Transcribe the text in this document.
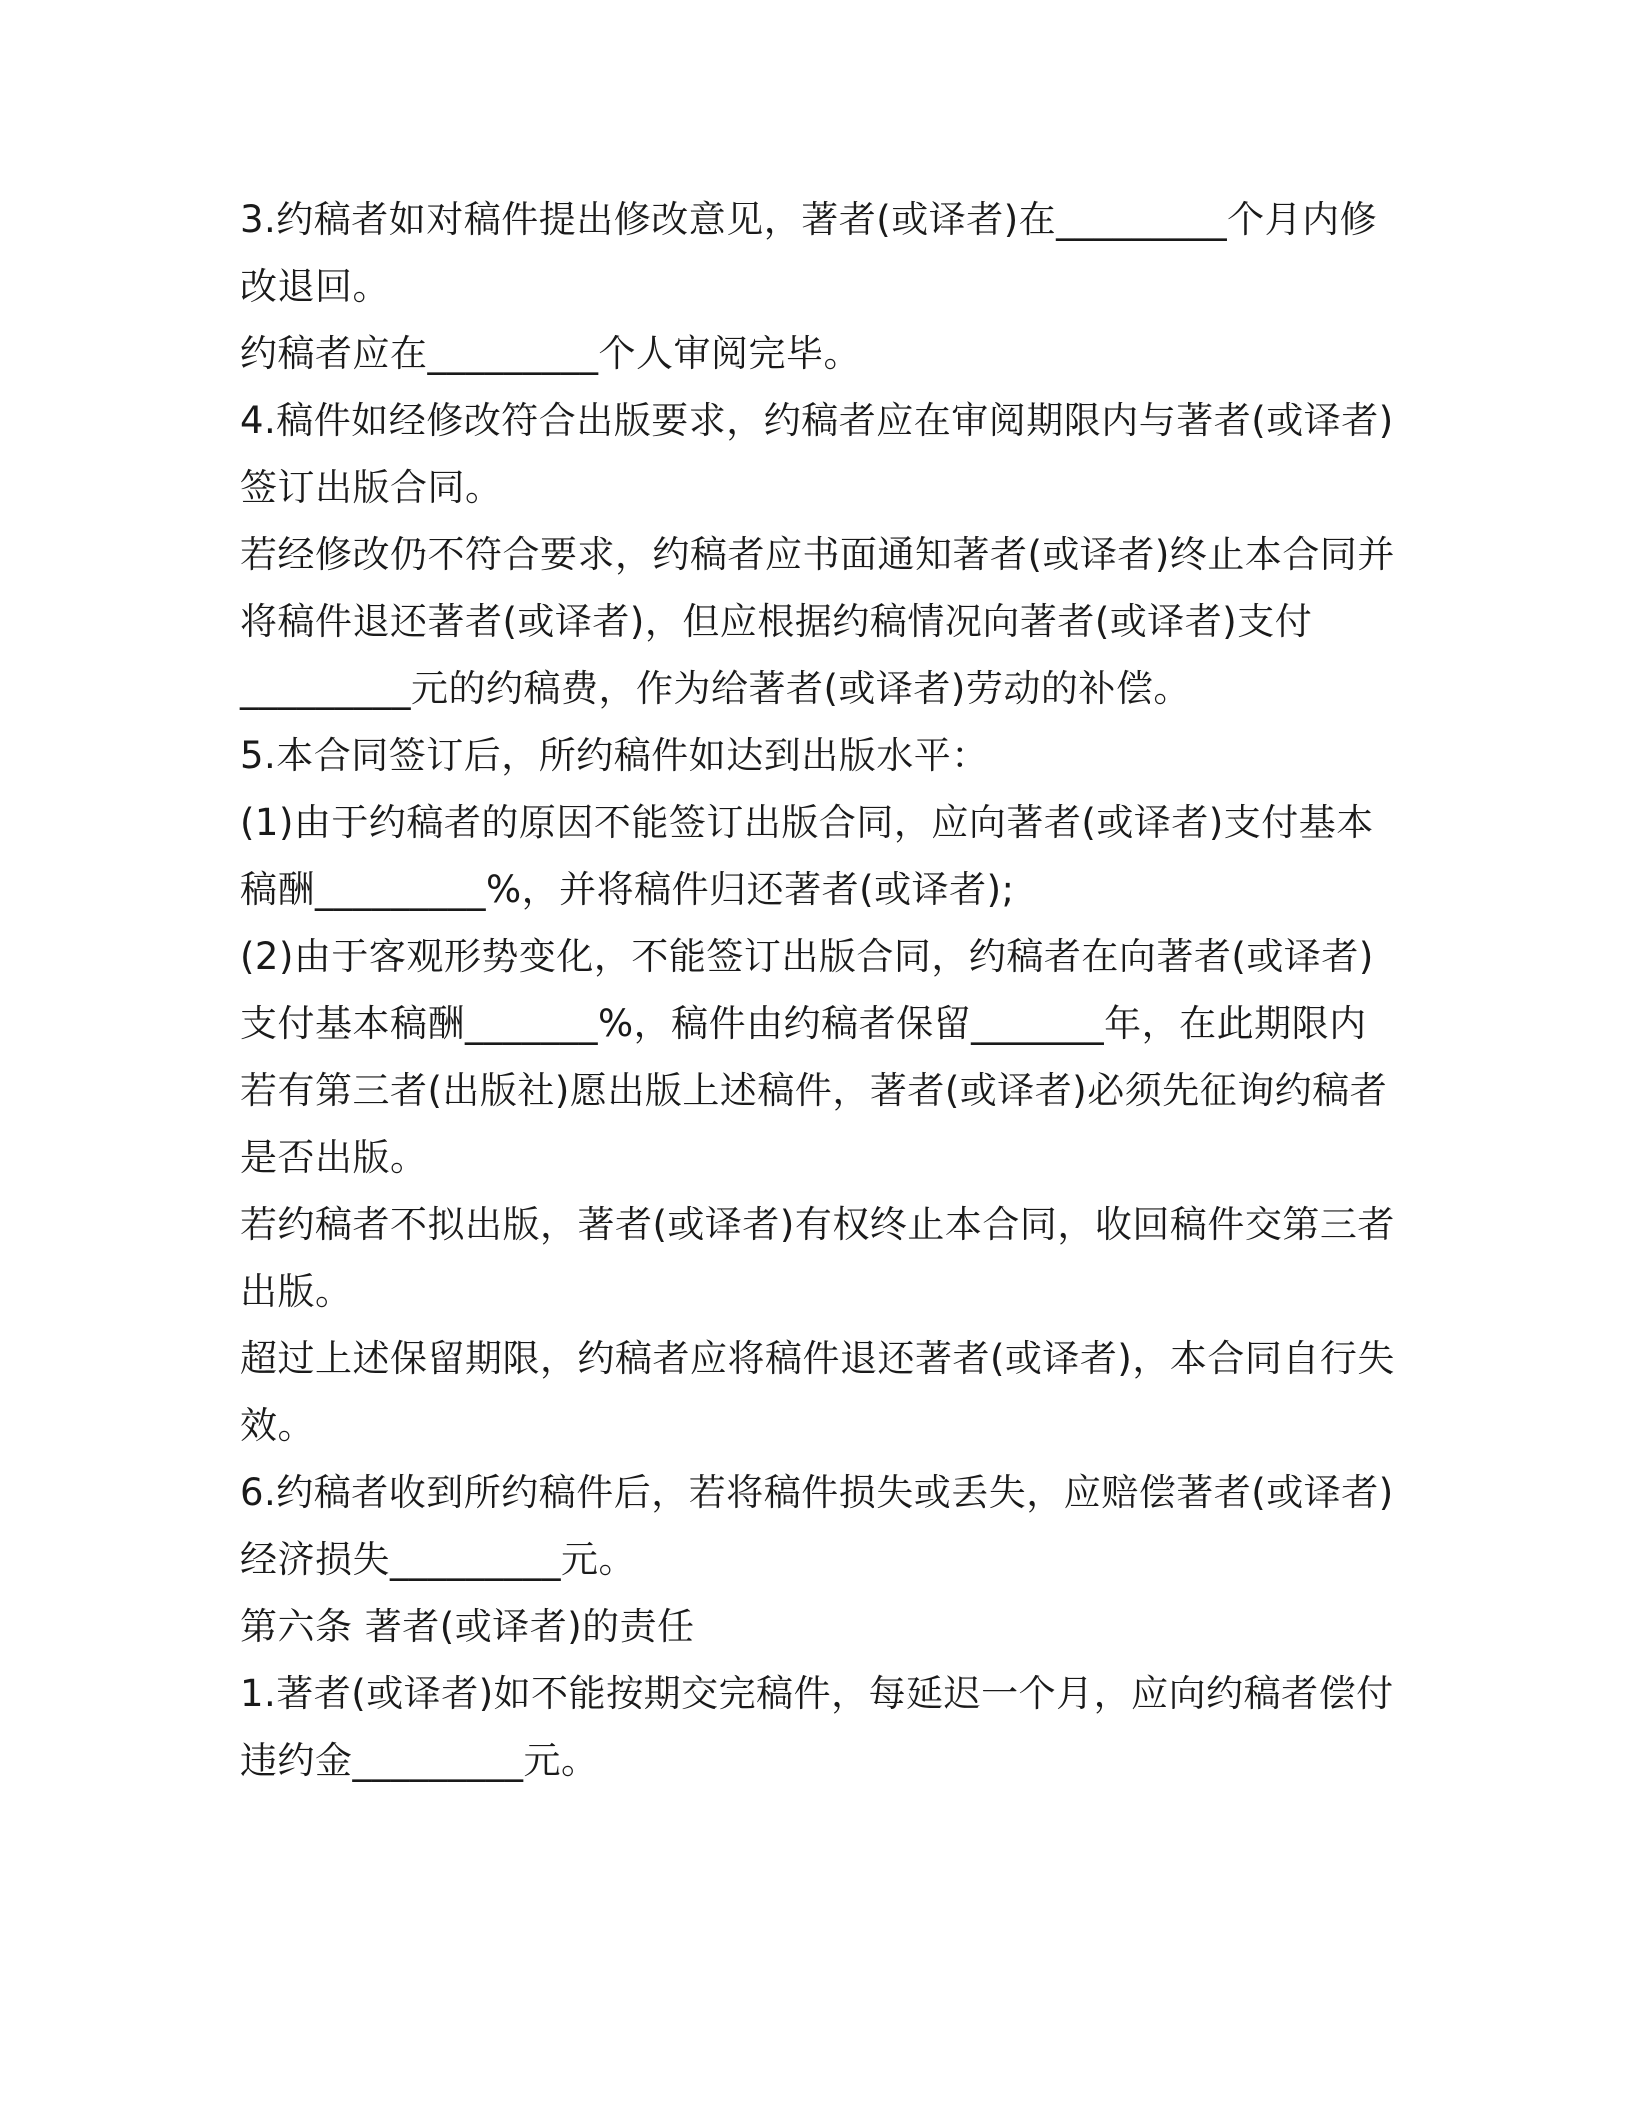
3.约稿者如对稿件提出修改意见，著者(或译者)在_________个月内修
改退回。
约稿者应在_________个人审阅完毕。
4.稿件如经修改符合出版要求，约稿者应在审阅期限内与著者(或译者)
签订出版合同。
若经修改仍不符合要求，约稿者应书面通知著者(或译者)终止本合同并
将稿件退还著者(或译者)，但应根据约稿情况向著者(或译者)支付
_________元的约稿费，作为给著者(或译者)劳动的补偿。
5.本合同签订后，所约稿件如达到出版水平：
(1)由于约稿者的原因不能签订出版合同，应向著者(或译者)支付基本
稿酬_________%，并将稿件归还著者(或译者);
(2)由于客观形势变化，不能签订出版合同，约稿者在向著者(或译者)
支付基本稿酬_______%，稿件由约稿者保留_______年，在此期限内
若有第三者(出版社)愿出版上述稿件，著者(或译者)必须先征询约稿者
是否出版。
若约稿者不拟出版，著者(或译者)有权终止本合同，收回稿件交第三者
出版。
超过上述保留期限，约稿者应将稿件退还著者(或译者)，本合同自行失
效。
6.约稿者收到所约稿件后，若将稿件损失或丢失，应赔偿著者(或译者)
经济损失_________元。
第六条 著者(或译者)的责任
1.著者(或译者)如不能按期交完稿件，每延迟一个月，应向约稿者偿付
违约金_________元。
